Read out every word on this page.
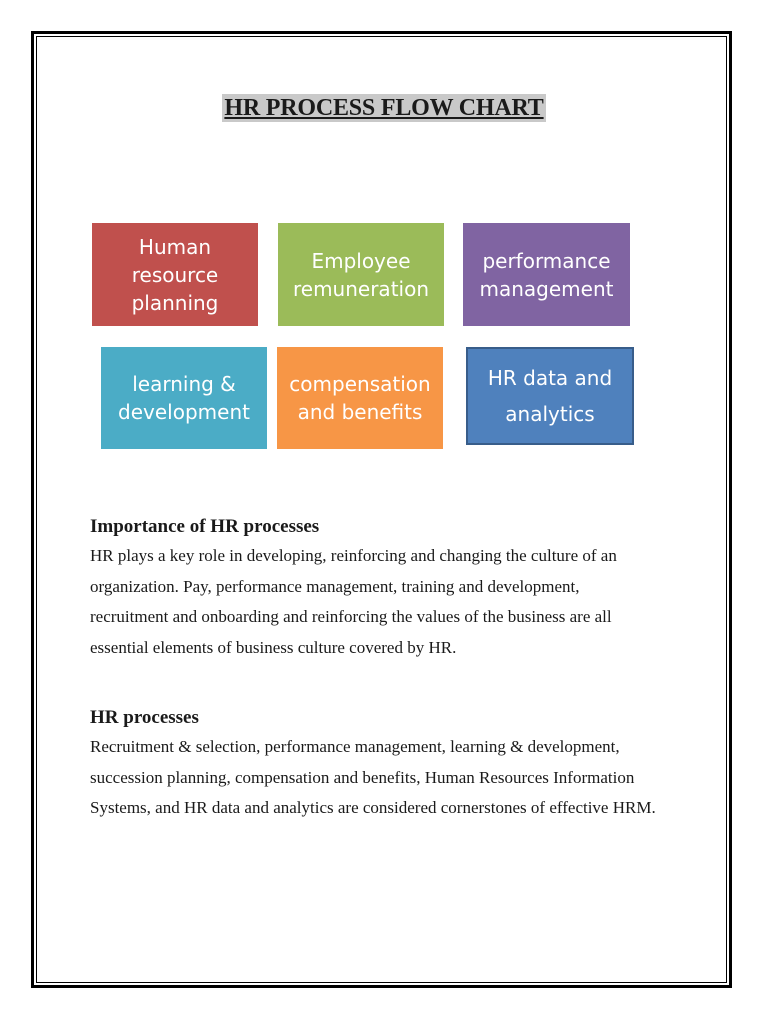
HR PROCESS FLOW CHART
Human
resource
planning
Employee
remuneration
performance
management
learning &
development
compensation
and benefits
HR data and
analytics

Importance of HR processes

HR plays a key role in developing, reinforcing and changing the culture of an
organization. Pay, performance management, training and development,
recruitment and onboarding and reinforcing the values of the business are all
essential elements of business culture covered by HR.

HR processes

Recruitment & selection, performance management, learning & development,
succession planning, compensation and benefits, Human Resources Information
Systems, and HR data and analytics are considered cornerstones of effective HRM.
